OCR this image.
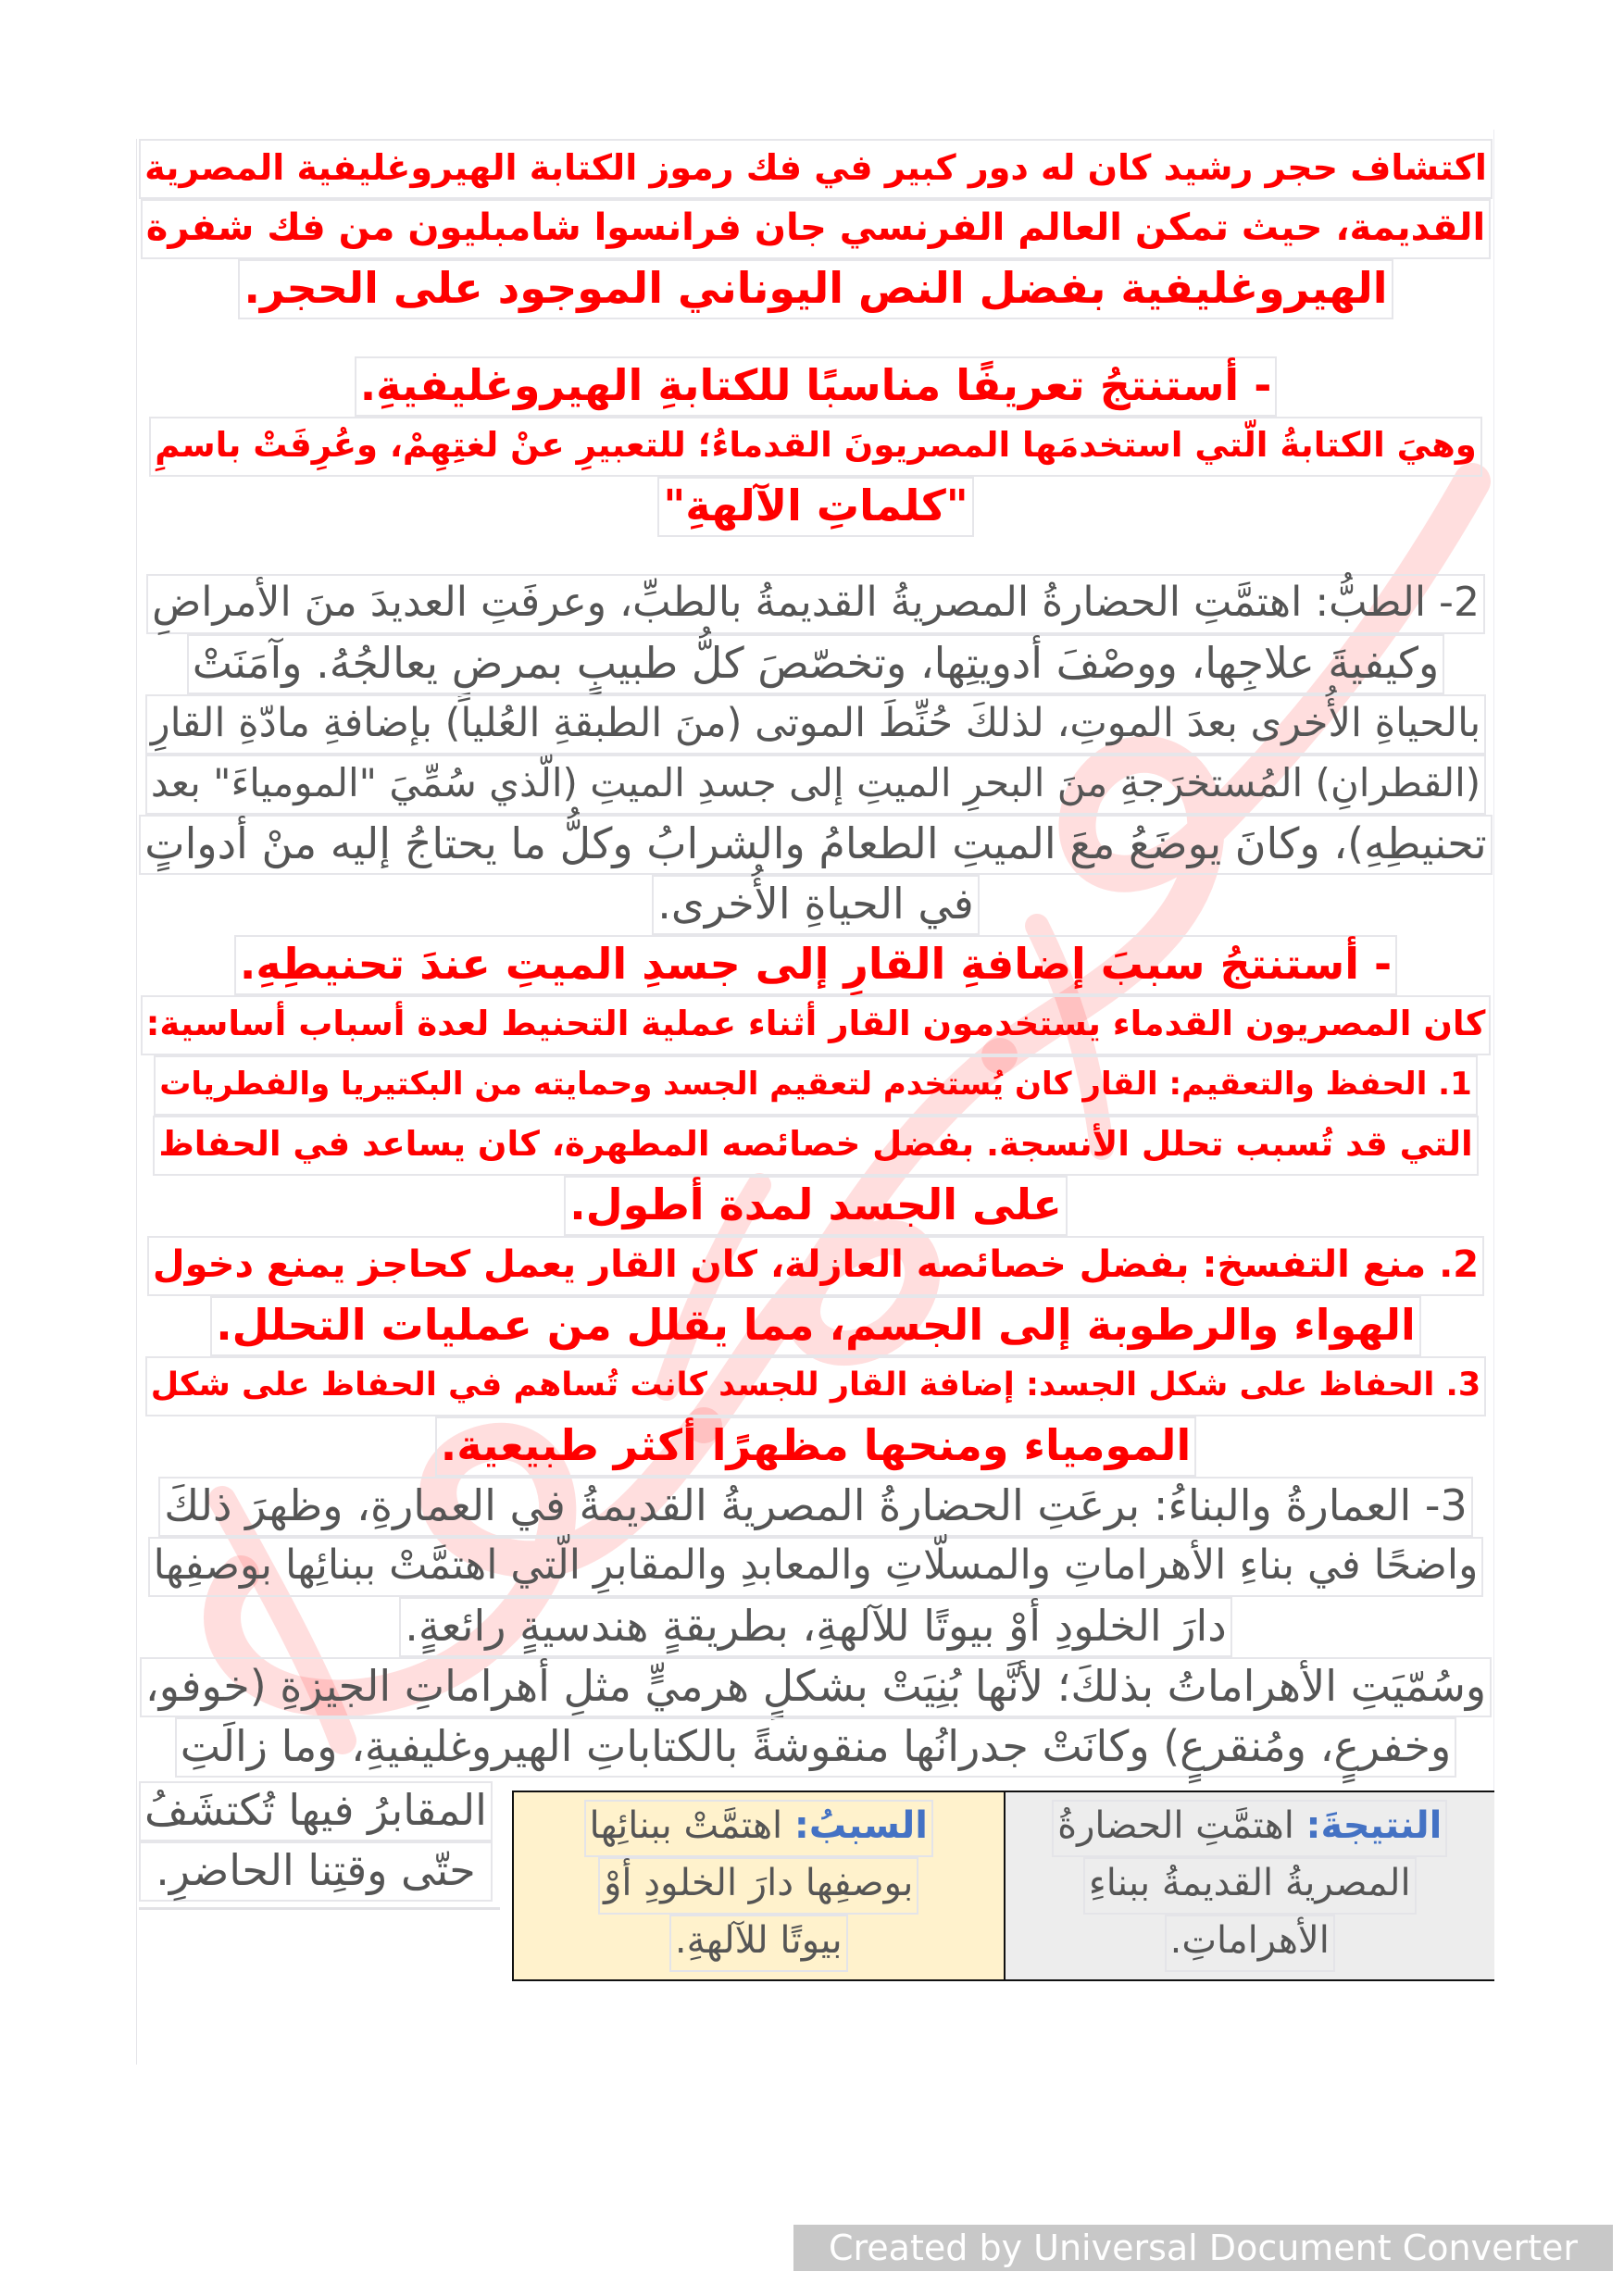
اكتشاف حجر رشيد كان له دور كبير في فك رموز الكتابة الهيروغليفية المصرية
القديمة، حيث تمكن العالم الفرنسي جان فرانسوا شامبليون من فك شفرة
الهيروغليفية بفضل النص اليوناني الموجود على الحجر.
- أستنتجُ تعريفًا مناسبًا للكتابةِ الهيروغليفيةِ.
وهيَ الكتابةُ الّتي استخدمَها المصريونَ القدماءُ؛ للتعبيرِ عنْ لغتِهِمْ، وعُرِفَتْ باسمِ
"كلماتِ الآلهةِ"
2- الطبُّ: اهتمَّتِ الحضارةُ المصريةُ القديمةُ بالطبِّ، وعرفَتِ العديدَ منَ الأمراضِ
وكيفيةَ علاجِها، ووصْفَ أدويتِها، وتخصّصَ كلُّ طبيبٍ بمرضٍ يعالجُهُ. وآمَنَتْ
بالحياةِ الأُخرى بعدَ الموتِ، لذلكَ حُنِّطَ الموتى (منَ الطبقةِ العُليا) بإضافةِ مادّةِ القارِ
(القطرانِ) المُستخرَجةِ منَ البحرِ الميتِ إلى جسدِ الميتِ (الّذي سُمِّيَ "المومياءَ" بعد
تحنيطِهِ)، وكانَ يوضَعُ معَ الميتِ الطعامُ والشرابُ وكلُّ ما يحتاجُ إليه منْ أدواتٍ
في الحياةِ الأُخرى.
- أستنتجُ سببَ إضافةِ القارِ إلى جسدِ الميتِ عندَ تحنيطِهِ.
كان المصريون القدماء يستخدمون القار أثناء عملية التحنيط لعدة أسباب أساسية:
1. الحفظ والتعقيم: القار كان يُستخدم لتعقيم الجسد وحمايته من البكتيريا والفطريات
التي قد تُسبب تحلل الأنسجة. بفضل خصائصه المطهرة، كان يساعد في الحفاظ
على الجسد لمدة أطول.
2. منع التفسخ: بفضل خصائصه العازلة، كان القار يعمل كحاجز يمنع دخول
الهواء والرطوبة إلى الجسم، مما يقلل من عمليات التحلل.
3. الحفاظ على شكل الجسد: إضافة القار للجسد كانت تُساهم في الحفاظ على شكل
المومياء ومنحها مظهرًا أكثر طبيعية.
3- العمارةُ والبناءُ: برعَتِ الحضارةُ المصريةُ القديمةُ في العمارةِ، وظهرَ ذلكَ
واضحًا في بناءِ الأهراماتِ والمسلّاتِ والمعابدِ والمقابرِ الّتي اهتمَّتْ ببنائِها بوصفِها
دارَ الخلودِ أوْ بيوتًا للآلهةِ، بطريقةٍ هندسيةٍ رائعةٍ.
وسُمّيَتِ الأهراماتُ بذلكَ؛ لأنَّها بُنِيَتْ بشكلٍ هرميٍّ مثلِ أهراماتِ الجيزةِ (خوفو،
وخفرعٍ، ومُنقرعٍ) وكانَتْ جدرانُها منقوشةً بالكتاباتِ الهيروغليفيةِ، وما زالَتِ
المقابرُ فيها تُكتشَفُ
حتّى وقتِنا الحاضرِ.
النتيجةَ: اهتمَّتِ الحضارةُ
المصريةُ القديمةُ ببناءِ
الأهراماتِ.
السببُ: اهتمَّتْ ببنائِها
بوصفِها دارَ الخلودِ أوْ
بيوتًا للآلهةِ.
Created by Universal Document Converter
